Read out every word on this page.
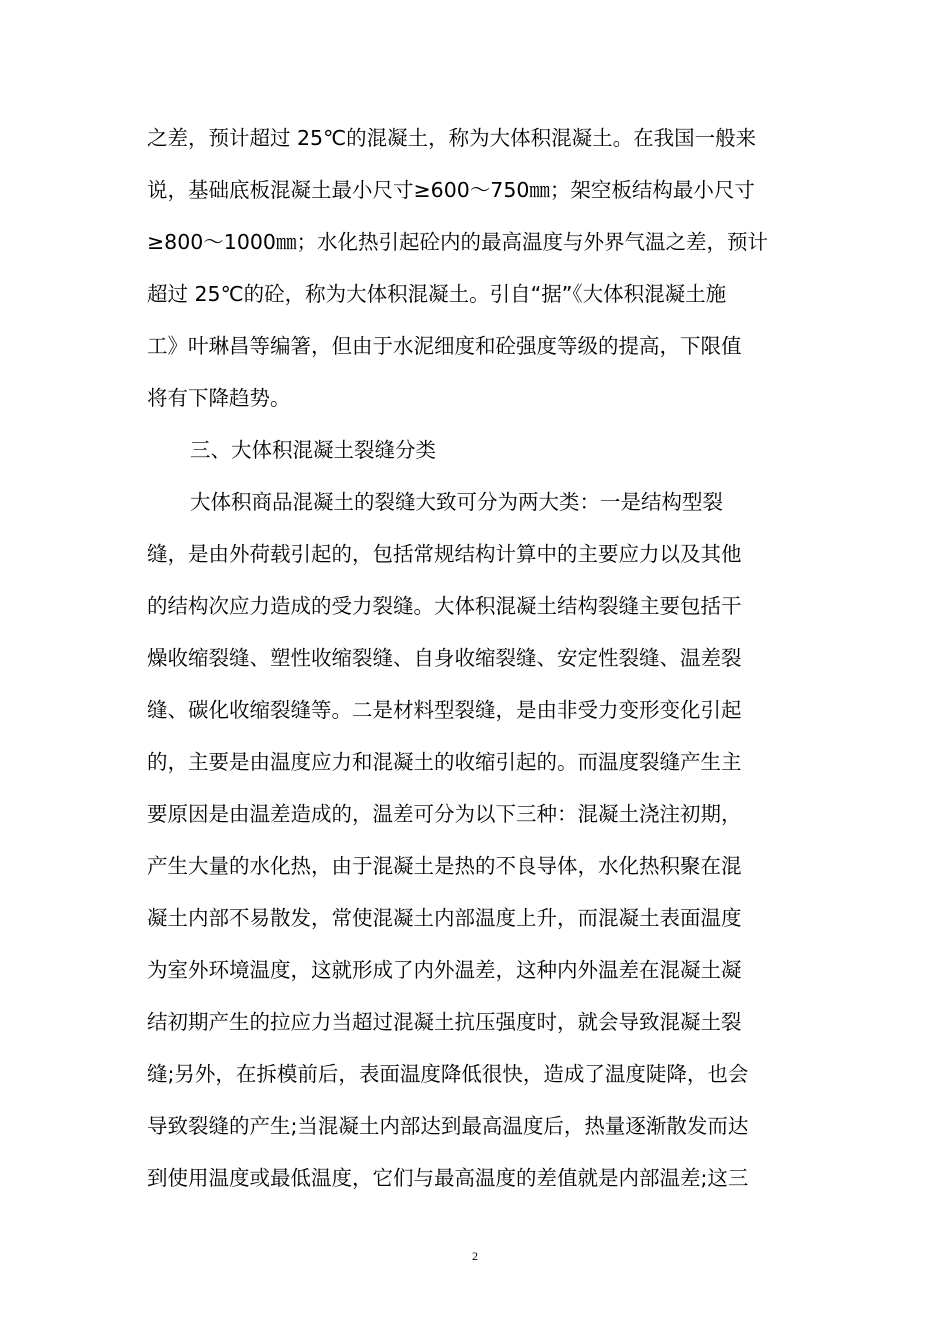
之差，预计超过 25℃的混凝土，称为大体积混凝土。在我国一般来
说，基础底板混凝土最小尺寸≥600～750㎜；架空板结构最小尺寸
≥800～1000㎜；水化热引起砼内的最高温度与外界气温之差，预计
超过 25℃的砼，称为大体积混凝土。引自“据”《大体积混凝土施
工》叶琳昌等编箸，但由于水泥细度和砼强度等级的提高，下限值
将有下降趋势。
三、大体积混凝土裂缝分类
大体积商品混凝土的裂缝大致可分为两大类：一是结构型裂
缝，是由外荷载引起的，包括常规结构计算中的主要应力以及其他
的结构次应力造成的受力裂缝。大体积混凝土结构裂缝主要包括干
燥收缩裂缝、塑性收缩裂缝、自身收缩裂缝、安定性裂缝、温差裂
缝、碳化收缩裂缝等。二是材料型裂缝，是由非受力变形变化引起
的，主要是由温度应力和混凝土的收缩引起的。而温度裂缝产生主
要原因是由温差造成的，温差可分为以下三种：混凝土浇注初期，
产生大量的水化热，由于混凝土是热的不良导体，水化热积聚在混
凝土内部不易散发，常使混凝土内部温度上升，而混凝土表面温度
为室外环境温度，这就形成了内外温差，这种内外温差在混凝土凝
结初期产生的拉应力当超过混凝土抗压强度时，就会导致混凝土裂
缝;另外，在拆模前后，表面温度降低很快，造成了温度陡降，也会
导致裂缝的产生;当混凝土内部达到最高温度后，热量逐渐散发而达
到使用温度或最低温度，它们与最高温度的差值就是内部温差;这三
2
